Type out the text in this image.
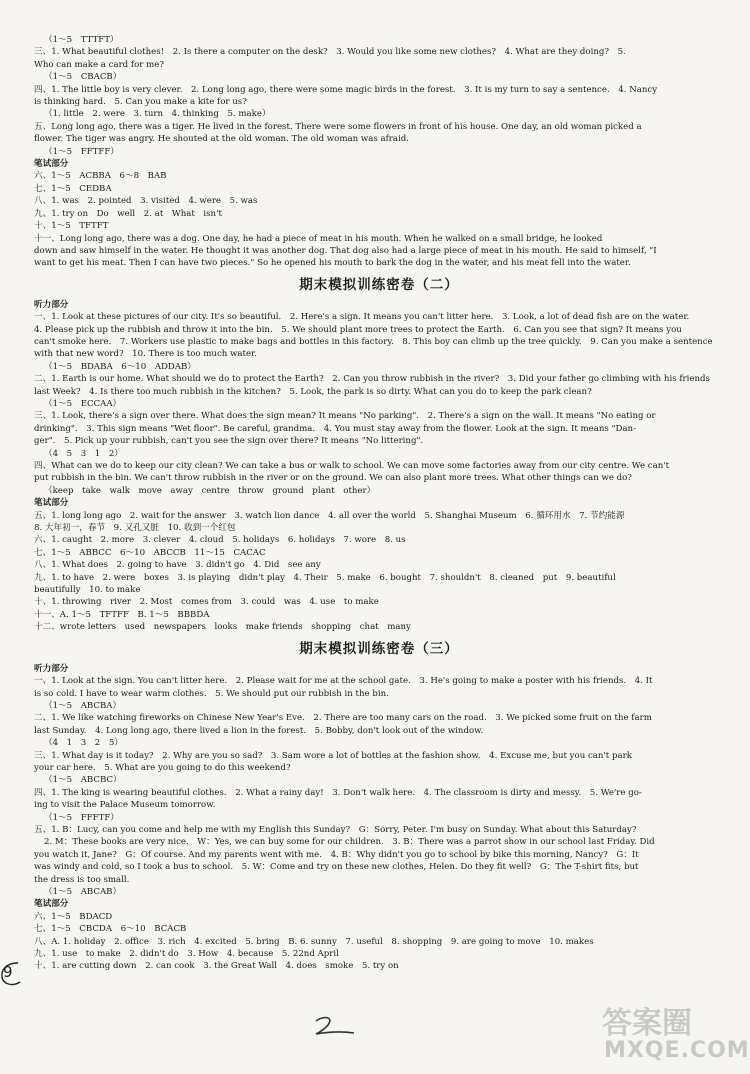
（1～5　TTTFT）
三、1. What beautiful clothes!　2. Is there a computer on the desk?　3. Would you like some new clothes?　4. What are they doing?　5.
Who can make a card for me?
（1～5　CBACB）
四、1. The little boy is very clever.　2. Long long ago, there were some magic birds in the forest.　3. It is my turn to say a sentence.　4. Nancy
is thinking hard.　5. Can you make a kite for us?
（1. little　2. were　3. turn　4. thinking　5. make）
五、Long long ago, there was a tiger. He lived in the forest. There were some flowers in front of his house. One day, an old woman picked a
flower. The tiger was angry. He shouted at the old woman. The old woman was afraid.
（1～5　FFTFF）
笔试部分
六、1～5　ACBBA　6～8　BAB
七、1～5　CEDBA
八、1. was　2. pointed　3. visited　4. were　5. was
九、1. try on　Do　well　2. at　What　isn't
十、1～5　TFTFT
十一、Long long ago, there was a dog. One day, he had a piece of meat in his mouth. When he walked on a small bridge, he looked
down and saw himself in the water. He thought it was another dog. That dog also had a large piece of meat in his mouth. He said to himself, "I
want to get his meat. Then I can have two pieces." So he opened his mouth to bark the dog in the water, and his meat fell into the water.
期末模拟训练密卷（二）
听力部分
一、1. Look at these pictures of our city. It's so beautiful.　2. Here's a sign. It means you can't litter here.　3. Look, a lot of dead fish are on the water.
4. Please pick up the rubbish and throw it into the bin.　5. We should plant more trees to protect the Earth.　6. Can you see that sign? It means you
can't smoke here.　7. Workers use plastic to make bags and bottles in this factory.　8. This boy can climb up the tree quickly.　9. Can you make a sentence
with that new word?　10. There is too much water.
（1～5　BDABA　6～10　ADDAB）
二、1. Earth is our home. What should we do to protect the Earth?　2. Can you throw rubbish in the river?　3. Did your father go climbing with his friends
last Week?　4. Is there too much rubbish in the kitchen?　5. Look, the park is so dirty. What can you do to keep the park clean?
（1～5　ECCAA）
三、1. Look, there's a sign over there. What does the sign mean? It means "No parking".　2. There's a sign on the wall. It means "No eating or
drinking".　3. This sign means "Wet floor". Be careful, grandma.　4. You must stay away from the flower. Look at the sign. It means "Dan-
ger".　5. Pick up your rubbish, can't you see the sign over there? It means "No littering".
（4　5　3　1　2）
四、What can we do to keep our city clean? We can take a bus or walk to school. We can move some factories away from our city centre. We can't
put rubbish in the bin. We can't throw rubbish in the river or on the ground. We can also plant more trees. What other things can we do?
（keep　take　walk　move　away　centre　throw　ground　plant　other）
笔试部分
五、1. long long ago　2. wait for the answer　3. watch lion dance　4. all over the world　5. Shanghai Museum　6. 循环用水　7. 节约能源
8. 大年初一，春节　9. 又孔又脏　10. 收到一个红包
六、1. caught　2. more　3. clever　4. cloud　5. holidays　6. holidays　7. wore　8. us
七、1～5　ABBCC　6～10　ABCCB　11～15　CACAC
八、1. What does　2. going to have　3. didn't go　4. Did　see any
九、1. to have　2. were　boxes　3. is playing　didn't play　4. Their　5. make　6. bought　7. shouldn't　8. cleaned　put　9. beautiful
beautifully　10. to make
十、1. throwing　river　2. Most　comes from　3. could　was　4. use　to make
十一、A. 1～5　TFTFF　B. 1～5　BBBDA
十二、wrote letters　used　newspapers　looks　make friends　shopping　chat　many
期末模拟训练密卷（三）
听力部分
一、1. Look at the sign. You can't litter here.　2. Please wait for me at the school gate.　3. He's going to make a poster with his friends.　4. It
is so cold. I have to wear warm clothes.　5. We should put our rubbish in the bin.
（1～5　ABCBA）
二、1. We like watching fireworks on Chinese New Year's Eve.　2. There are too many cars on the road.　3. We picked some fruit on the farm
last Sunday.　4. Long long ago, there lived a lion in the forest.　5. Bobby, don't look out of the window.
（4　1　3　2　5）
三、1. What day is it today?　2. Why are you so sad?　3. Sam wore a lot of bottles at the fashion show.　4. Excuse me, but you can't park
your car here.　5. What are you going to do this weekend?
（1～5　ABCBC）
四、1. The king is wearing beautiful clothes.　2. What a rainy day!　3. Don't walk here.　4. The classroom is dirty and messy.　5. We're go-
ing to visit the Palace Museum tomorrow.
（1～5　FFFTF）
五、1. B：Lucy, can you come and help me with my English this Sunday?　G：Sorry, Peter. I'm busy on Sunday. What about this Saturday?
2. M：These books are very nice.　W：Yes, we can buy some for our children.　3. B：There was a parrot show in our school last Friday. Did
you watch it, Jane?　G：Of course. And my parents went with me.　4. B：Why didn't you go to school by bike this morning, Nancy?　G：It
was windy and cold, so I took a bus to school.　5. W：Come and try on these new clothes, Helen. Do they fit well?　G：The T-shirt fits, but
the dress is too small.
（1～5　ABCAB）
笔试部分
六、1～5　BDACD
七、1～5　CBCDA　6～10　BCACB
八、A. 1. holiday　2. office　3. rich　4. excited　5. bring　B. 6. sunny　7. useful　8. shopping　9. are going to move　10. makes
九、1. use　to make　2. didn't do　3. How　4. because　5. 22nd April
十、1. are cutting down　2. can cook　3. the Great Wall　4. does　smoke　5. try on
9
答案圈
MXQE.COM
